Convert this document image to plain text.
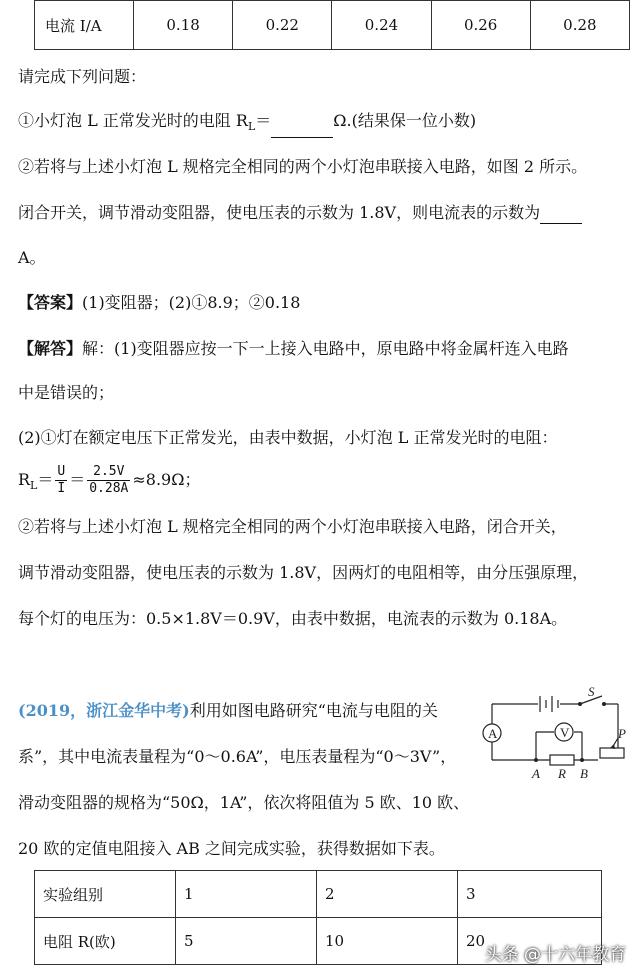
电流 I/A	0.18	0.22	0.24	0.26	0.28
请完成下列问题：
①小灯泡 L 正常发光时的电阻 $R_L=$	Ω.(结果保一位小数)
②若将与上述小灯泡 L 规格完全相同的两个小灯泡串联接入电路，如图 2 所示。
闭合开关，调节滑动变阻器，使电压表的示数为 1.8V，则电流表的示数为
A。
【答案】(1)变阻器；(2)①8.9；②0.18
【解答】解：(1)变阻器应按一下一上接入电路中，原电路中将金属杆连入电路
中是错误的；
(2)①灯在额定电压下正常发光，由表中数据，小灯泡 L 正常发光时的电阻：
$R_L= \frac{U}{I} = \frac{2.5V}{0.28A} \approx 8.9\Omega$；
②若将与上述小灯泡 L 规格完全相同的两个小灯泡串联接入电路，闭合开关，
调节滑动变阻器，使电压表的示数为 1.8V，因两灯的电阻相等，由分压强原理，
每个灯的电压为：0.5×1.8V＝0.9V，由表中数据，电流表的示数为 0.18A。
(2019，浙江金华中考)利用如图电路研究“电流与电阻的关
系”，其中电流表量程为“0～0.6A”，电压表量程为“0～3V”，
滑动变阻器的规格为“50Ω，1A”，依次将阻值为 5 欧、10 欧、
20 欧的定值电阻接入 AB 之间完成实验，获得数据如下表。
A	V
S
P
A R B
实验组别	1	2	3
电阻 R(欧)	5	10	20
头条 @十六年教育
